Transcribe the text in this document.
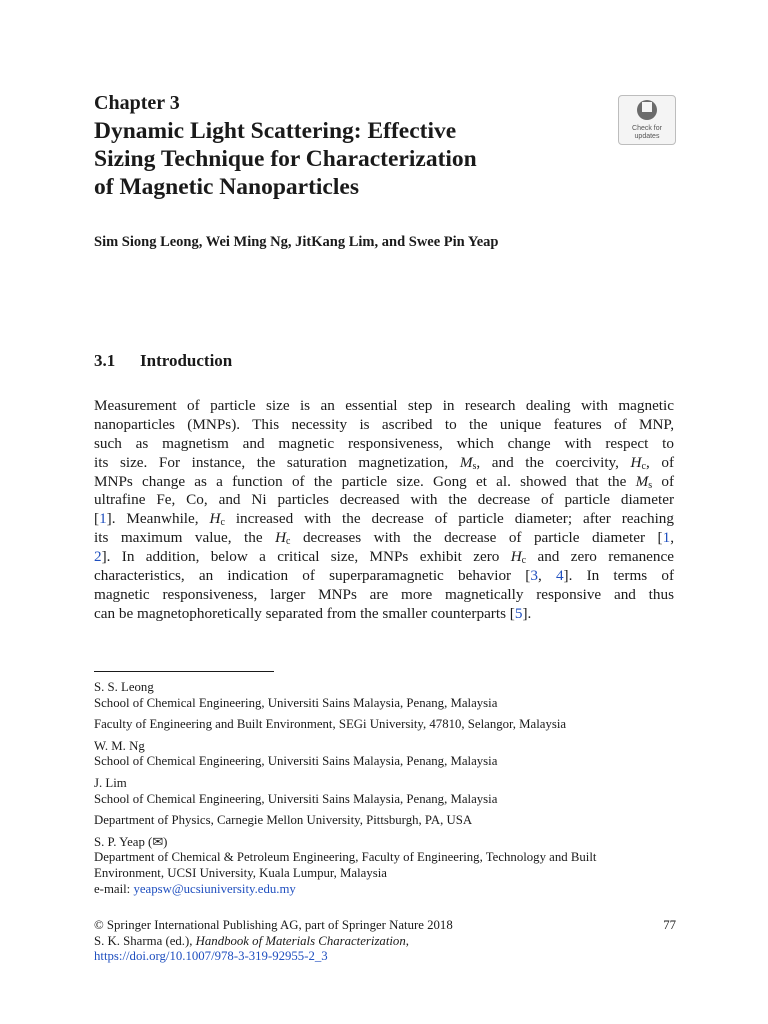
Chapter 3
Dynamic Light Scattering: Effective
Sizing Technique for Characterization
of Magnetic Nanoparticles
Check for
updates
Sim Siong Leong, Wei Ming Ng, JitKang Lim, and Swee Pin Yeap
3.1 Introduction
Measurement of particle size is an essential step in research dealing with magnetic
nanoparticles (MNPs). This necessity is ascribed to the unique features of MNP,
such as magnetism and magnetic responsiveness, which change with respect to
its size. For instance, the saturation magnetization, $M_s$, and the coercivity, $H_c$, of
MNPs change as a function of the particle size. Gong et al. showed that the $M_s$ of
ultrafine Fe, Co, and Ni particles decreased with the decrease of particle diameter
[1]. Meanwhile, $H_c$ increased with the decrease of particle diameter; after reaching
its maximum value, the $H_c$ decreases with the decrease of particle diameter [1,
2]. In addition, below a critical size, MNPs exhibit zero $H_c$ and zero remanence
characteristics, an indication of superparamagnetic behavior [3, 4]. In terms of
magnetic responsiveness, larger MNPs are more magnetically responsive and thus
can be magnetophoretically separated from the smaller counterparts [5].
S. S. Leong
School of Chemical Engineering, Universiti Sains Malaysia, Penang, Malaysia
Faculty of Engineering and Built Environment, SEGi University, 47810, Selangor, Malaysia
W. M. Ng
School of Chemical Engineering, Universiti Sains Malaysia, Penang, Malaysia
J. Lim
School of Chemical Engineering, Universiti Sains Malaysia, Penang, Malaysia
Department of Physics, Carnegie Mellon University, Pittsburgh, PA, USA
S. P. Yeap (✉)
Department of Chemical & Petroleum Engineering, Faculty of Engineering, Technology and Built
Environment, UCSI University, Kuala Lumpur, Malaysia
e-mail: yeapsw@ucsiuniversity.edu.my
77
© Springer International Publishing AG, part of Springer Nature 2018
S. K. Sharma (ed.), Handbook of Materials Characterization,
https://doi.org/10.1007/978-3-319-92955-2_3
